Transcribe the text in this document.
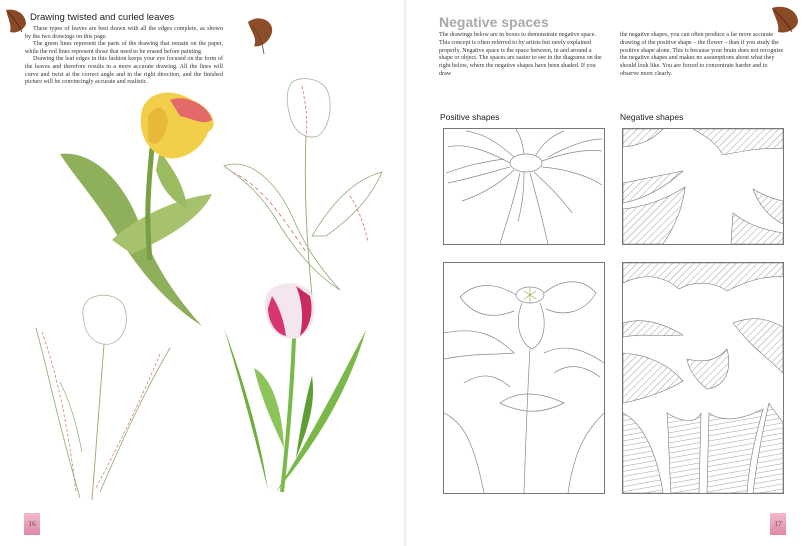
Drawing twisted and curled leaves

These types of leaves are best drawn with all the edges complete, as shown by the two drawings on this page.

The green lines represent the parts of the drawing that remain on the paper, while the red lines represent those that need to be erased before painting.

Drawing the leaf edges in this fashion keeps your eye focused on the form of the leaves and therefore results in a more accurate drawing. All the lines will curve and twist at the correct angle and in the right direction, and the finished picture will be convincingly accurate and realistic.

16
Negative spaces
The drawings below are in boxes to demonstrate negative space. This concept is often referred to by artists but rarely explained properly. Negative space is the space between, in and around a shape or object. The spaces are easier to see in the diagrams on the right below, where the negative shapes have been shaded. If you draw
the negative shapes, you can often produce a far more accurate drawing of the positive shape – the flower – than if you study the positive shape alone. This is because your brain does not recognise the negative shapes and makes no assumptions about what they should look like. You are forced to concentrate harder and to observe more clearly.
Positive shapes	Negative shapes
17
